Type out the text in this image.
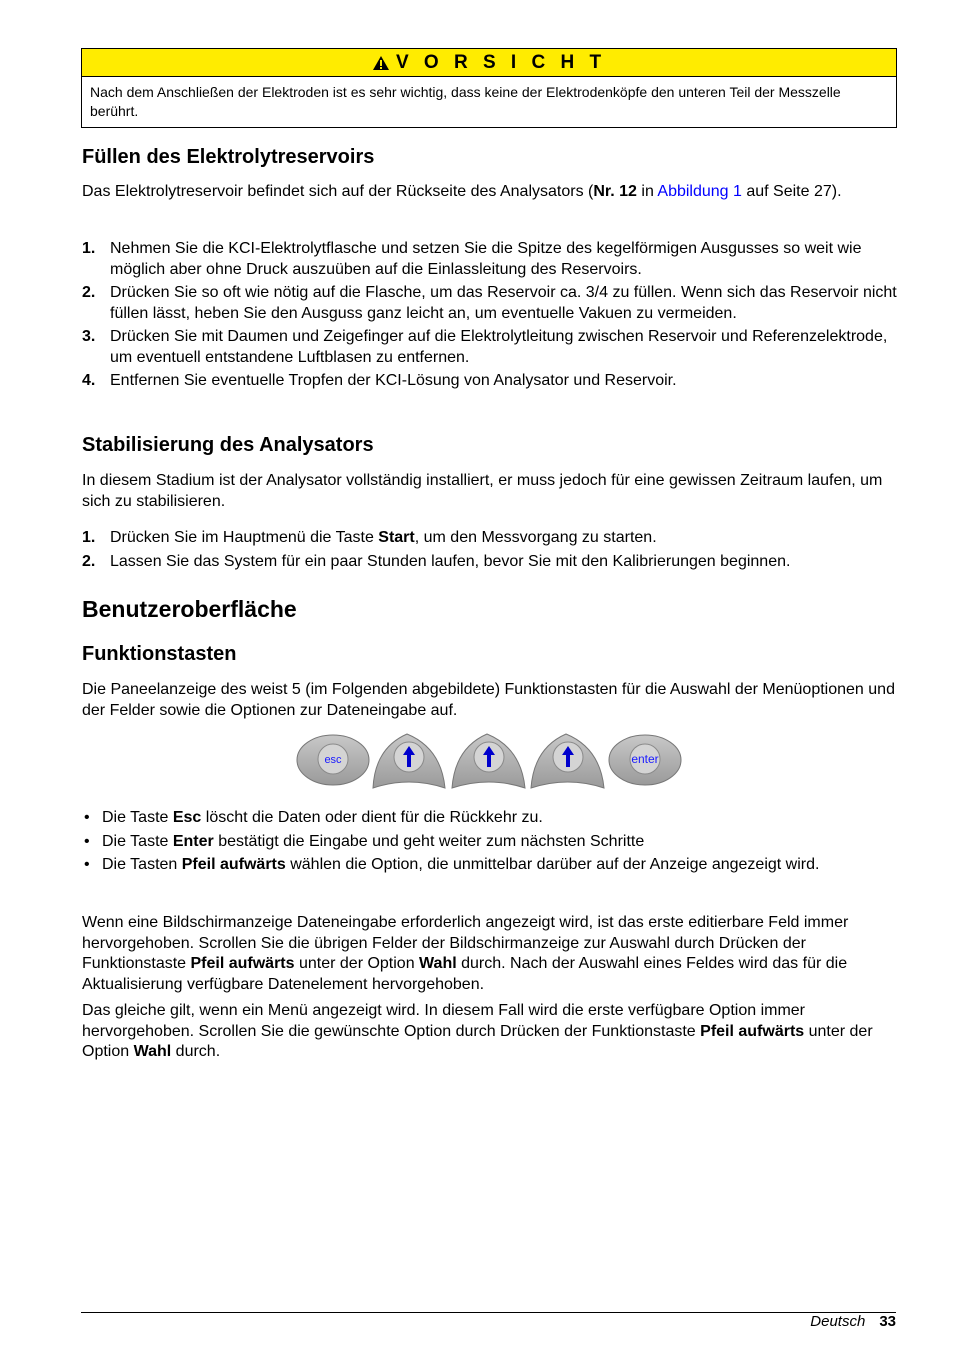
V O R S I C H T
Nach dem Anschließen der Elektroden ist es sehr wichtig, dass keine der Elektrodenköpfe den unteren Teil der Messzelle berührt.
Füllen des Elektrolytreservoirs

Das Elektrolytreservoir befindet sich auf der Rückseite des Analysators (Nr. 12 in Abbildung 1 auf Seite 27).

1. Nehmen Sie die KCI-Elektrolytflasche und setzen Sie die Spitze des kegelförmigen Ausgusses so weit wie möglich aber ohne Druck auszuüben auf die Einlassleitung des Reservoirs.
2. Drücken Sie so oft wie nötig auf die Flasche, um das Reservoir ca. 3/4 zu füllen. Wenn sich das Reservoir nicht füllen lässt, heben Sie den Ausguss ganz leicht an, um eventuelle Vakuen zu vermeiden.
3. Drücken Sie mit Daumen und Zeigefinger auf die Elektrolytleitung zwischen Reservoir und Referenzelektrode, um eventuell entstandene Luftblasen zu entfernen.
4. Entfernen Sie eventuelle Tropfen der KCI-Lösung von Analysator und Reservoir.
Stabilisierung des Analysators

In diesem Stadium ist der Analysator vollständig installiert, er muss jedoch für eine gewissen Zeitraum laufen, um sich zu stabilisieren.

1. Drücken Sie im Hauptmenü die Taste Start, um den Messvorgang zu starten.
2. Lassen Sie das System für ein paar Stunden laufen, bevor Sie mit den Kalibrierungen beginnen.
Benutzeroberfläche
Funktionstasten

Die Paneelanzeige des weist 5 (im Folgenden abgebildete) Funktionstasten für die Auswahl der Menüoptionen und der Felder sowie die Optionen zur Dateneingabe auf.

esc	enter
• Die Taste Esc löscht die Daten oder dient für die Rückkehr zu.
• Die Taste Enter bestätigt die Eingabe und geht weiter zum nächsten Schritte
• Die Tasten Pfeil aufwärts wählen die Option, die unmittelbar darüber auf der Anzeige angezeigt wird.

Wenn eine Bildschirmanzeige Dateneingabe erforderlich angezeigt wird, ist das erste editierbare Feld immer hervorgehoben. Scrollen Sie die übrigen Felder der Bildschirmanzeige zur Auswahl durch Drücken der Funktionstaste Pfeil aufwärts unter der Option Wahl durch. Nach der Auswahl eines Feldes wird das für die Aktualisierung verfügbare Datenelement hervorgehoben.

Das gleiche gilt, wenn ein Menü angezeigt wird. In diesem Fall wird die erste verfügbare Option immer hervorgehoben. Scrollen Sie die gewünschte Option durch Drücken der Funktionstaste Pfeil aufwärts unter der Option Wahl durch.

Deutsch 33
